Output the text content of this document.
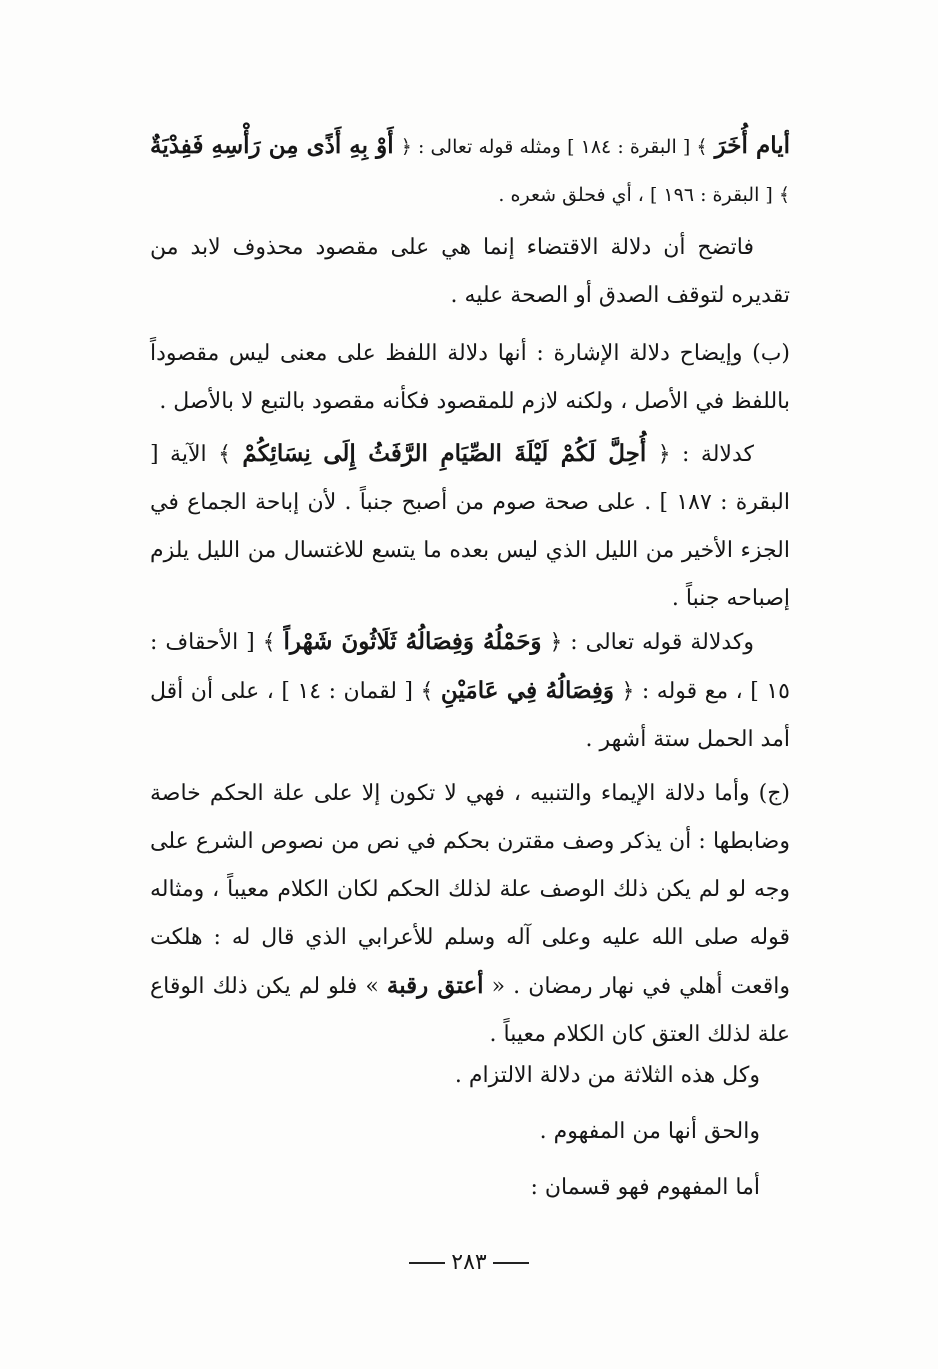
أيام أُخَرَ ﴾ [ البقرة : ١٨٤ ] ومثله قوله تعالى : ﴿ أَوْ بِهِ أَذًى مِن رَأْسِهِ فَفِدْيَةٌ ﴾ [ البقرة : ١٩٦ ] ، أي فحلق شعره .

فاتضح أن دلالة الاقتضاء إنما هي على مقصود محذوف لابد من تقديره لتوقف الصدق أو الصحة عليه .

(ب) وإيضاح دلالة الإشارة : أنها دلالة اللفظ على معنى ليس مقصوداً باللفظ في الأصل ، ولكنه لازم للمقصود فكأنه مقصود بالتبع لا بالأصل .

كدلالة : ﴿ أُحِلَّ لَكُمْ لَيْلَةَ الصِّيَامِ الرَّفَثُ إِلَى نِسَائِكُمْ ﴾ الآية [ البقرة : ١٨٧ ] . على صحة صوم من أصبح جنباً . لأن إباحة الجماع في الجزء الأخير من الليل الذي ليس بعده ما يتسع للاغتسال من الليل يلزم إصباحه جنباً .

وكدلالة قوله تعالى : ﴿ وَحَمْلُهُ وَفِصَالُهُ ثَلَاثُونَ شَهْراً ﴾ [ الأحقاف : ١٥ ] ، مع قوله : ﴿ وَفِصَالُهُ فِي عَامَيْنِ ﴾ [ لقمان : ١٤ ] ، على أن أقل أمد الحمل ستة أشهر .

(ج) وأما دلالة الإيماء والتنبيه ، فهي لا تكون إلا على علة الحكم خاصة وضابطها : أن يذكر وصف مقترن بحكم في نص من نصوص الشرع على وجه لو لم يكن ذلك الوصف علة لذلك الحكم لكان الكلام معيباً ، ومثاله قوله صلى الله عليه وعلى آله وسلم للأعرابي الذي قال له : هلكت واقعت أهلي في نهار رمضان . « أعتق رقبة » فلو لم يكن ذلك الوقاع علة لذلك العتق كان الكلام معيباً .

وكل هذه الثلاثة من دلالة الالتزام .

والحق أنها من المفهوم .

أما المفهوم فهو قسمان :

٢٨٣
